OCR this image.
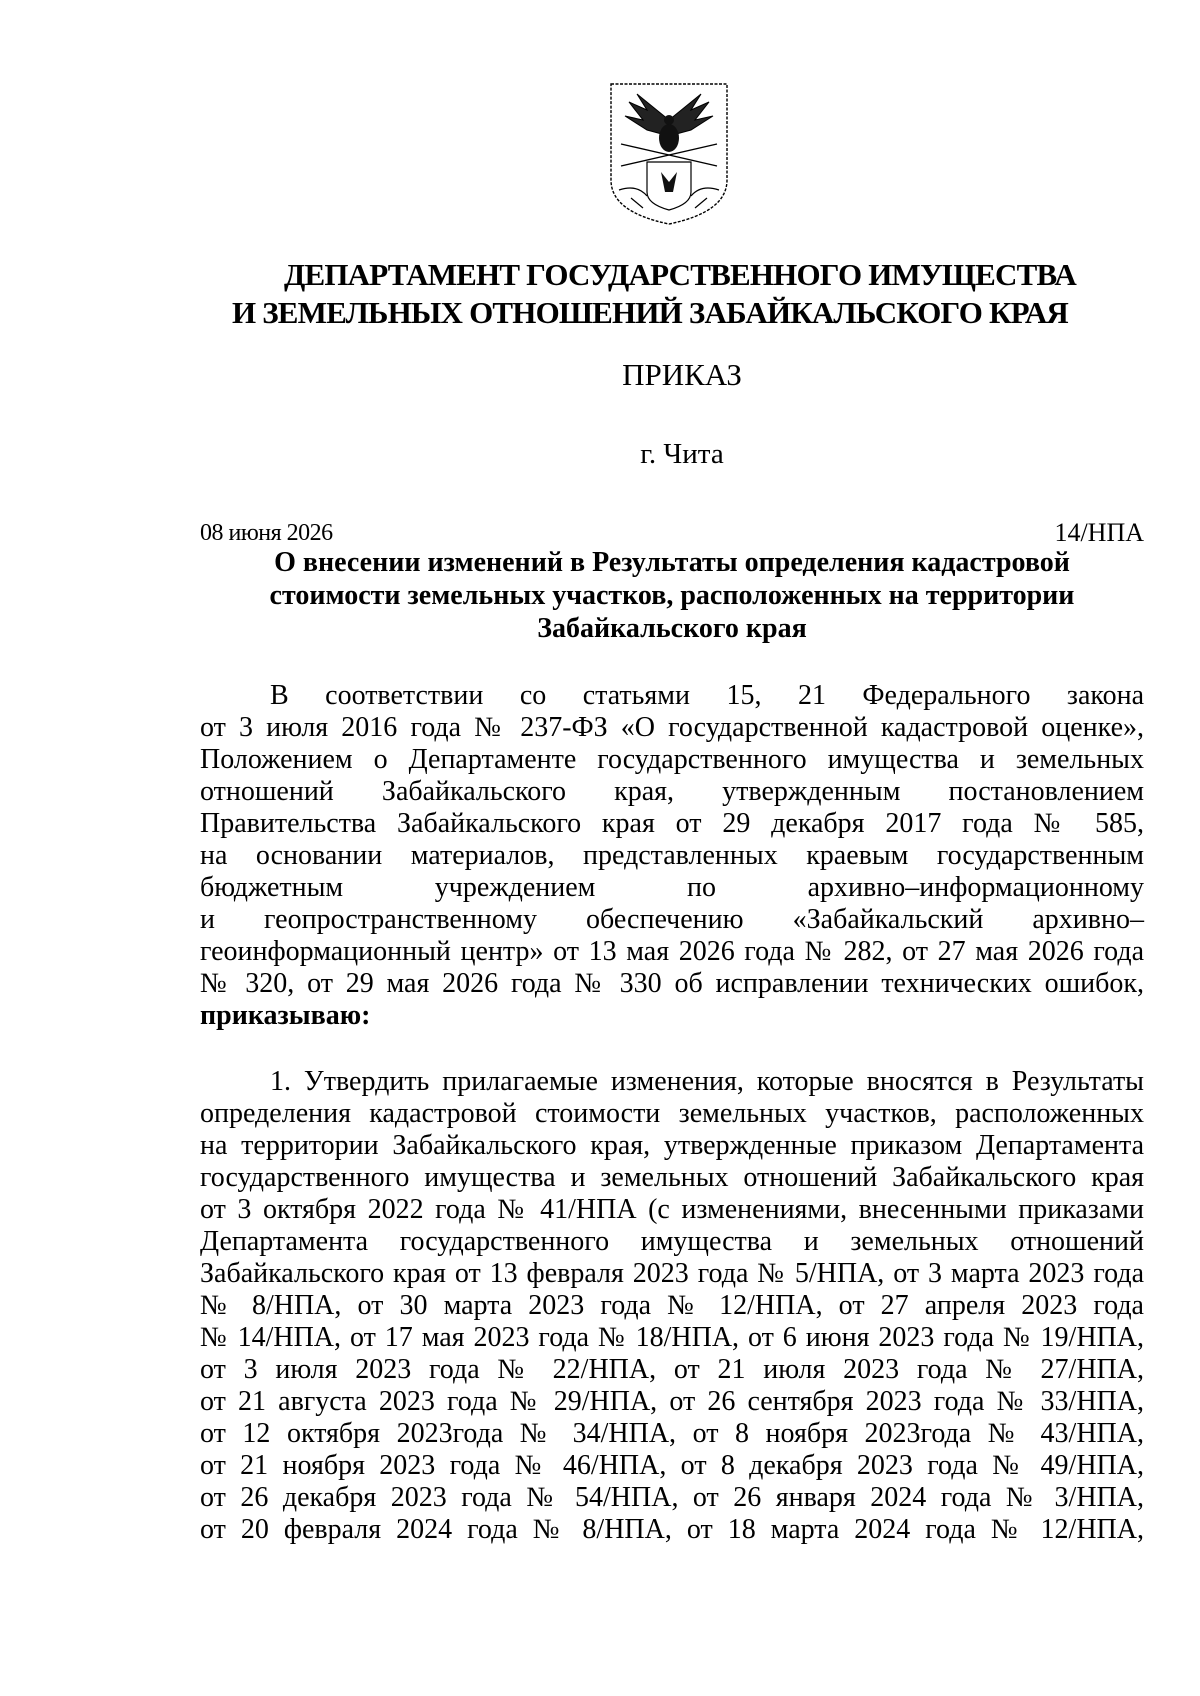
ДЕПАРТАМЕНТ ГОСУДАРСТВЕННОГО ИМУЩЕСТВА
И ЗЕМЕЛЬНЫХ ОТНОШЕНИЙ ЗАБАЙКАЛЬСКОГО КРАЯ

ПРИКАЗ

г. Чита

08 июня 2026	14/НПА
О внесении изменений в Результаты определения кадастровой
стоимости земельных участков, расположенных на территории
Забайкальского края
В соответствии со статьями 15, 21 Федерального закона
от 3 июля 2016 года № 237-ФЗ «О государственной кадастровой оценке»,
Положением о Департаменте государственного имущества и земельных
отношений Забайкальского края, утвержденным постановлением
Правительства Забайкальского края от 29 декабря 2017 года № 585,
на основании материалов, представленных краевым государственным
бюджетным учреждением по архивно–информационному
и геопространственному обеспечению «Забайкальский архивно–
геоинформационный центр» от 13 мая 2026 года № 282, от 27 мая 2026 года
№ 320, от 29 мая 2026 года № 330 об исправлении технических ошибок,
приказываю:
1. Утвердить прилагаемые изменения, которые вносятся в Результаты
определения кадастровой стоимости земельных участков, расположенных
на территории Забайкальского края, утвержденные приказом Департамента
государственного имущества и земельных отношений Забайкальского края
от 3 октября 2022 года № 41/НПА (с изменениями, внесенными приказами
Департамента государственного имущества и земельных отношений
Забайкальского края от 13 февраля 2023 года № 5/НПА, от 3 марта 2023 года
№ 8/НПА, от 30 марта 2023 года № 12/НПА, от 27 апреля 2023 года
№ 14/НПА, от 17 мая 2023 года № 18/НПА, от 6 июня 2023 года № 19/НПА,
от 3 июля 2023 года № 22/НПА, от 21 июля 2023 года № 27/НПА,
от 21 августа 2023 года № 29/НПА, от 26 сентября 2023 года № 33/НПА,
от 12 октября 2023года № 34/НПА, от 8 ноября 2023года № 43/НПА,
от 21 ноября 2023 года № 46/НПА, от 8 декабря 2023 года № 49/НПА,
от 26 декабря 2023 года № 54/НПА, от 26 января 2024 года № 3/НПА,
от 20 февраля 2024 года № 8/НПА, от 18 марта 2024 года № 12/НПА,
